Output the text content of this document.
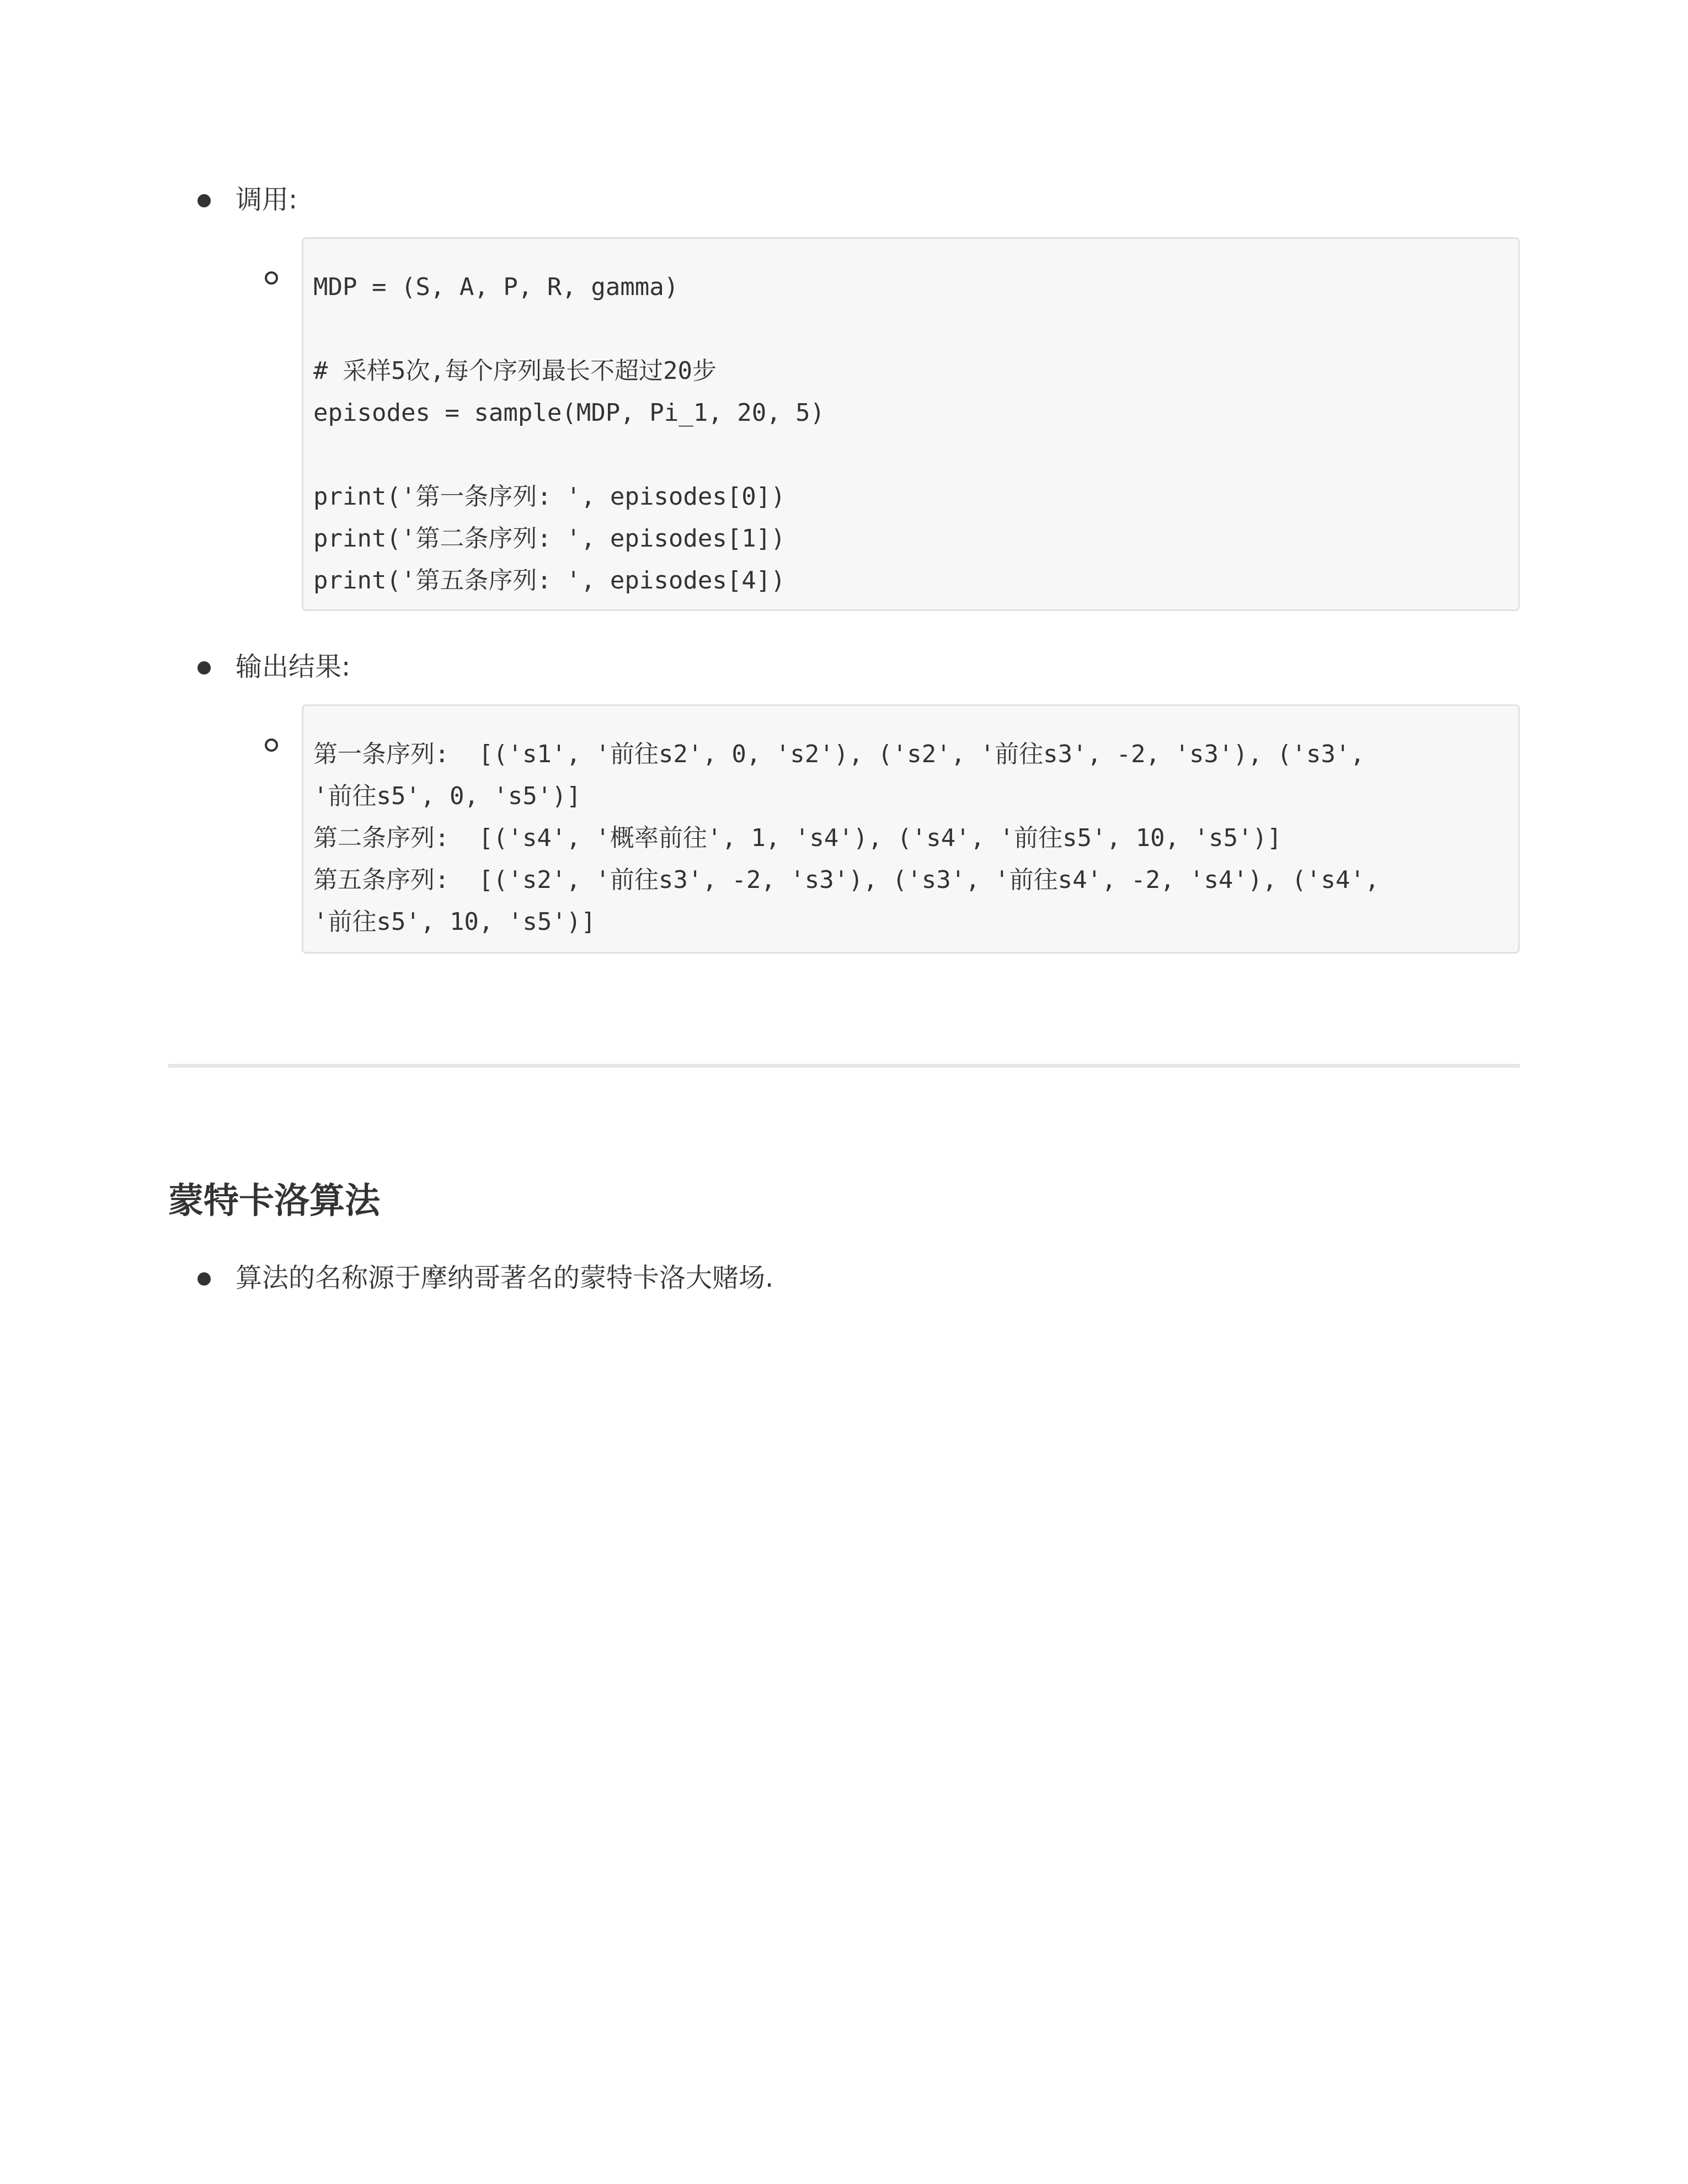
调用:
MDP = (S, A, P, R, gamma)
# 采样5次,每个序列最长不超过20步
episodes = sample(MDP, Pi_1, 20, 5)
print('第一条序列: ', episodes[0])
print('第二条序列: ', episodes[1])
print('第五条序列: ', episodes[4])
输出结果:
第一条序列:  [('s1', '前往s2', 0, 's2'), ('s2', '前往s3', -2, 's3'), ('s3',
'前往s5', 0, 's5')]
第二条序列:  [('s4', '概率前往', 1, 's4'), ('s4', '前往s5', 10, 's5')]
第五条序列:  [('s2', '前往s3', -2, 's3'), ('s3', '前往s4', -2, 's4'), ('s4',
'前往s5', 10, 's5')]
蒙特卡洛算法
算法的名称源于摩纳哥著名的蒙特卡洛大赌场.
